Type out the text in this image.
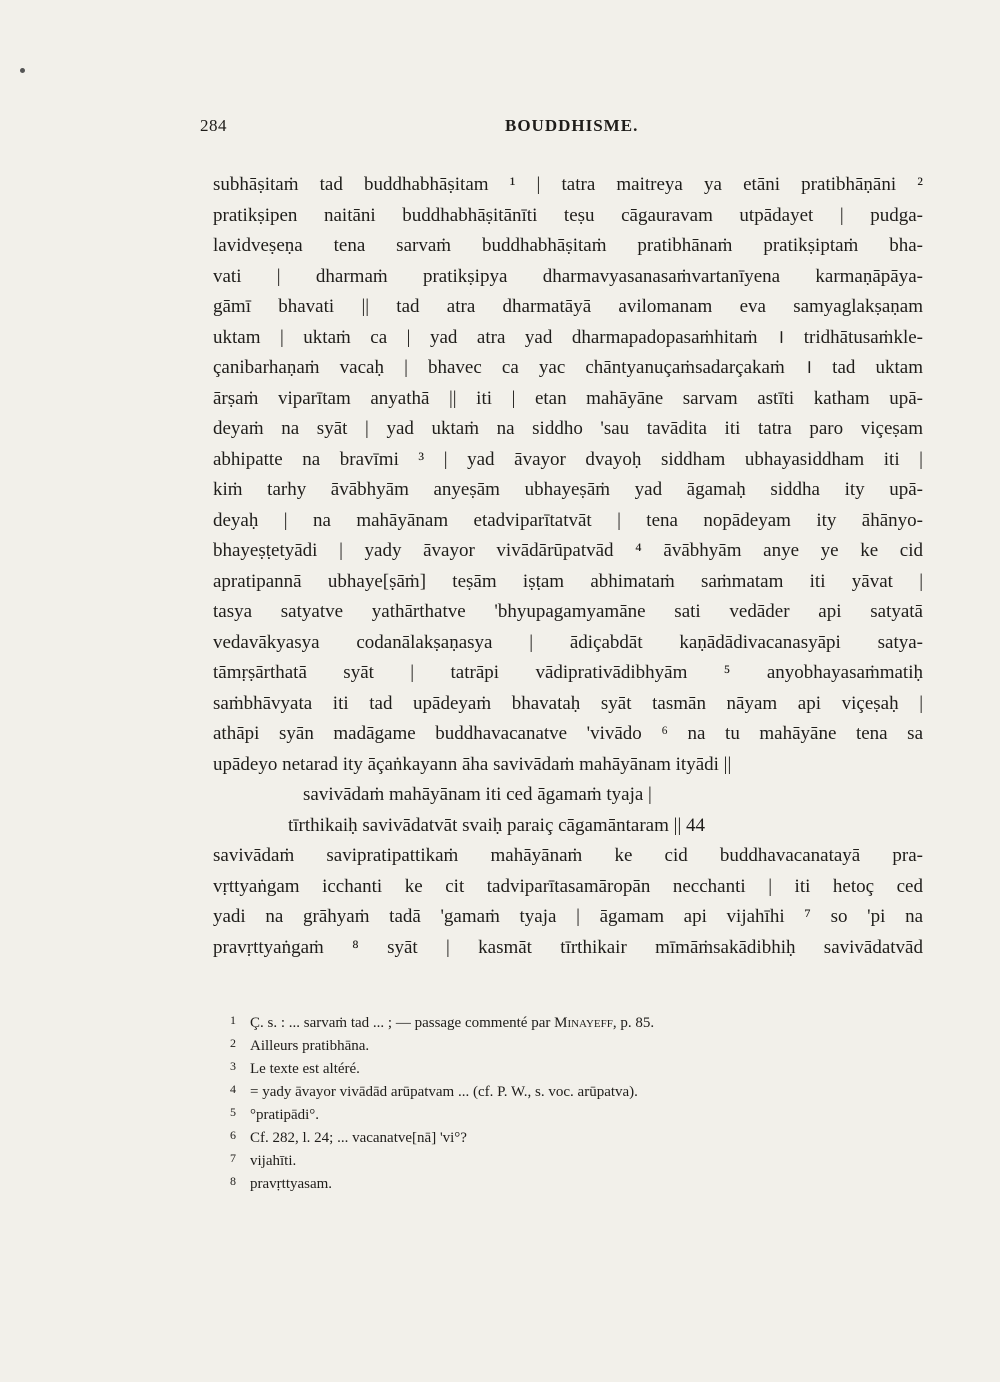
284	BOUDDHISME.
subhāṣitaṁ tad buddhabhāṣitam ¹ | tatra maitreya ya etāni pratibhāṇāni ²
pratikṣipen naitāni buddhabhāṣitānīti teṣu cāgauravam utpādayet | pudga-
lavidveṣeṇa tena sarvaṁ buddhabhāṣitaṁ pratibhānaṁ pratikṣiptaṁ bha-
vati | dharmaṁ pratikṣipya dharmavyasanasaṁvartanīyena karmaṇāpāya-
gāmī bhavati || tad atra dharmatāyā avilomanam eva samyaglakṣaṇam
uktam | uktaṁ ca | yad atra yad dharmapadopasaṁhitaṁ । tridhātusaṁkle-
çanibarhaṇaṁ vacaḥ | bhavec ca yac chāntyanuçaṁsadarçakaṁ । tad uktam
ārṣaṁ viparītam anyathā || iti | etan mahāyāne sarvam astīti katham upā-
deyaṁ na syāt | yad uktaṁ na siddho 'sau tavādita iti tatra paro viçeṣam
abhipatte na bravīmi ³ | yad āvayor dvayoḥ siddham ubhayasiddham iti |
kiṁ tarhy āvābhyām anyeṣām ubhayeṣāṁ yad āgamaḥ siddha ity upā-
deyaḥ | na mahāyānam etadviparītatvāt | tena nopādeyam ity āhānyo-
bhayeṣṭetyādi | yady āvayor vivādārūpatvād ⁴ āvābhyām anye ye ke cid
apratipannā ubhaye[ṣāṁ] teṣām iṣṭam abhimataṁ saṁmatam iti yāvat |
tasya satyatve yathārthatve 'bhyupagamyamāne sati vedāder api satyatā
vedavākyasya codanālakṣaṇasya | ādiçabdāt kaṇādādivacanasyāpi satya-
tāmṛṣārthatā syāt | tatrāpi vādiprativādibhyām ⁵ anyobhayasaṁmatiḥ
saṁbhāvyata iti tad upādeyaṁ bhavataḥ syāt tasmān nāyam api viçeṣaḥ |
athāpi syān madāgame buddhavacanatve 'vivādo ⁶ na tu mahāyāne tena sa
upādeyo netarad ity āçaṅkayann āha savivādaṁ mahāyānam ityādi ||
savivādaṁ mahāyānam iti ced āgamaṁ tyaja |
tīrthikaiḥ savivādatvāt svaiḥ paraiç cāgamāntaram || 44
savivādaṁ savipratipattikaṁ mahāyānaṁ ke cid buddhavacanatayā pra-
vṛttyaṅgam icchanti ke cit tadviparītasamāropān necchanti | iti hetoç ced
yadi na grāhyaṁ tadā 'gamaṁ tyaja | āgamam api vijahīhi ⁷ so 'pi na
pravṛttyaṅgaṁ ⁸ syāt | kasmāt tīrthikair mīmāṁsakādibhiḥ savivādatvād
1 Ç. s. : ... sarvaṁ tad ... ; — passage commenté par Minayeff, p. 85.
2 Ailleurs pratibhāna.
3 Le texte est altéré.
4 = yady āvayor vivādād arūpatvam ... (cf. P. W., s. voc. arūpatva).
5 °pratipādi°.
6 Cf. 282, l. 24; ... vacanatve[nā] 'vi°?
7 vijahīti.
8 pravṛttyasam.
